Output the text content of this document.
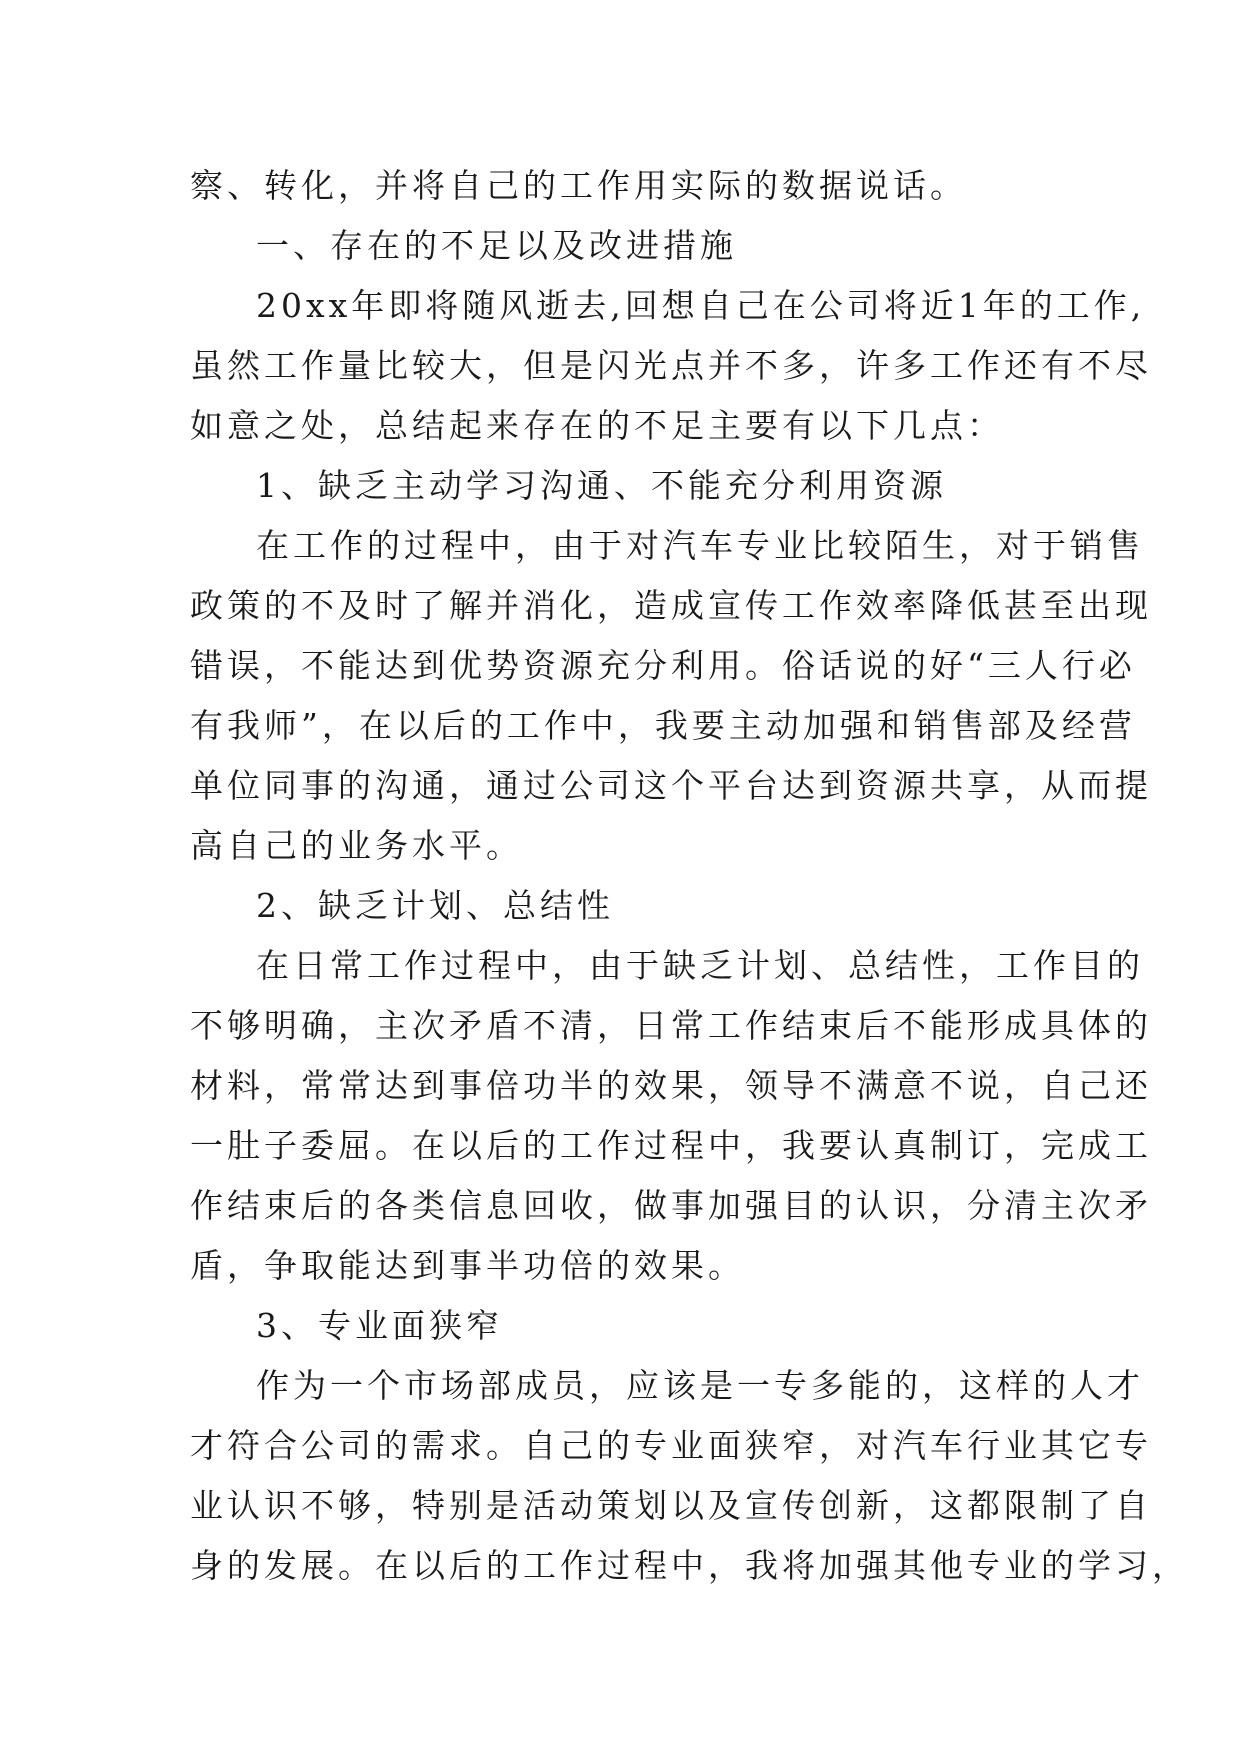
察、转化，并将自己的工作用实际的数据说话。
一、存在的不足以及改进措施
20xx年即将随风逝去,回想自己在公司将近1年的工作,
虽然工作量比较大，但是闪光点并不多，许多工作还有不尽
如意之处，总结起来存在的不足主要有以下几点：
1、缺乏主动学习沟通、不能充分利用资源
在工作的过程中，由于对汽车专业比较陌生，对于销售
政策的不及时了解并消化，造成宣传工作效率降低甚至出现
错误，不能达到优势资源充分利用。俗话说的好“三人行必
有我师”，在以后的工作中，我要主动加强和销售部及经营
单位同事的沟通，通过公司这个平台达到资源共享，从而提
高自己的业务水平。
2、缺乏计划、总结性
在日常工作过程中，由于缺乏计划、总结性，工作目的
不够明确，主次矛盾不清，日常工作结束后不能形成具体的
材料，常常达到事倍功半的效果，领导不满意不说，自己还
一肚子委屈。在以后的工作过程中，我要认真制订，完成工
作结束后的各类信息回收，做事加强目的认识，分清主次矛
盾，争取能达到事半功倍的效果。
3、专业面狭窄
作为一个市场部成员，应该是一专多能的，这样的人才
才符合公司的需求。自己的专业面狭窄，对汽车行业其它专
业认识不够，特别是活动策划以及宣传创新，这都限制了自
身的发展。在以后的工作过程中，我将加强其他专业的学习，
